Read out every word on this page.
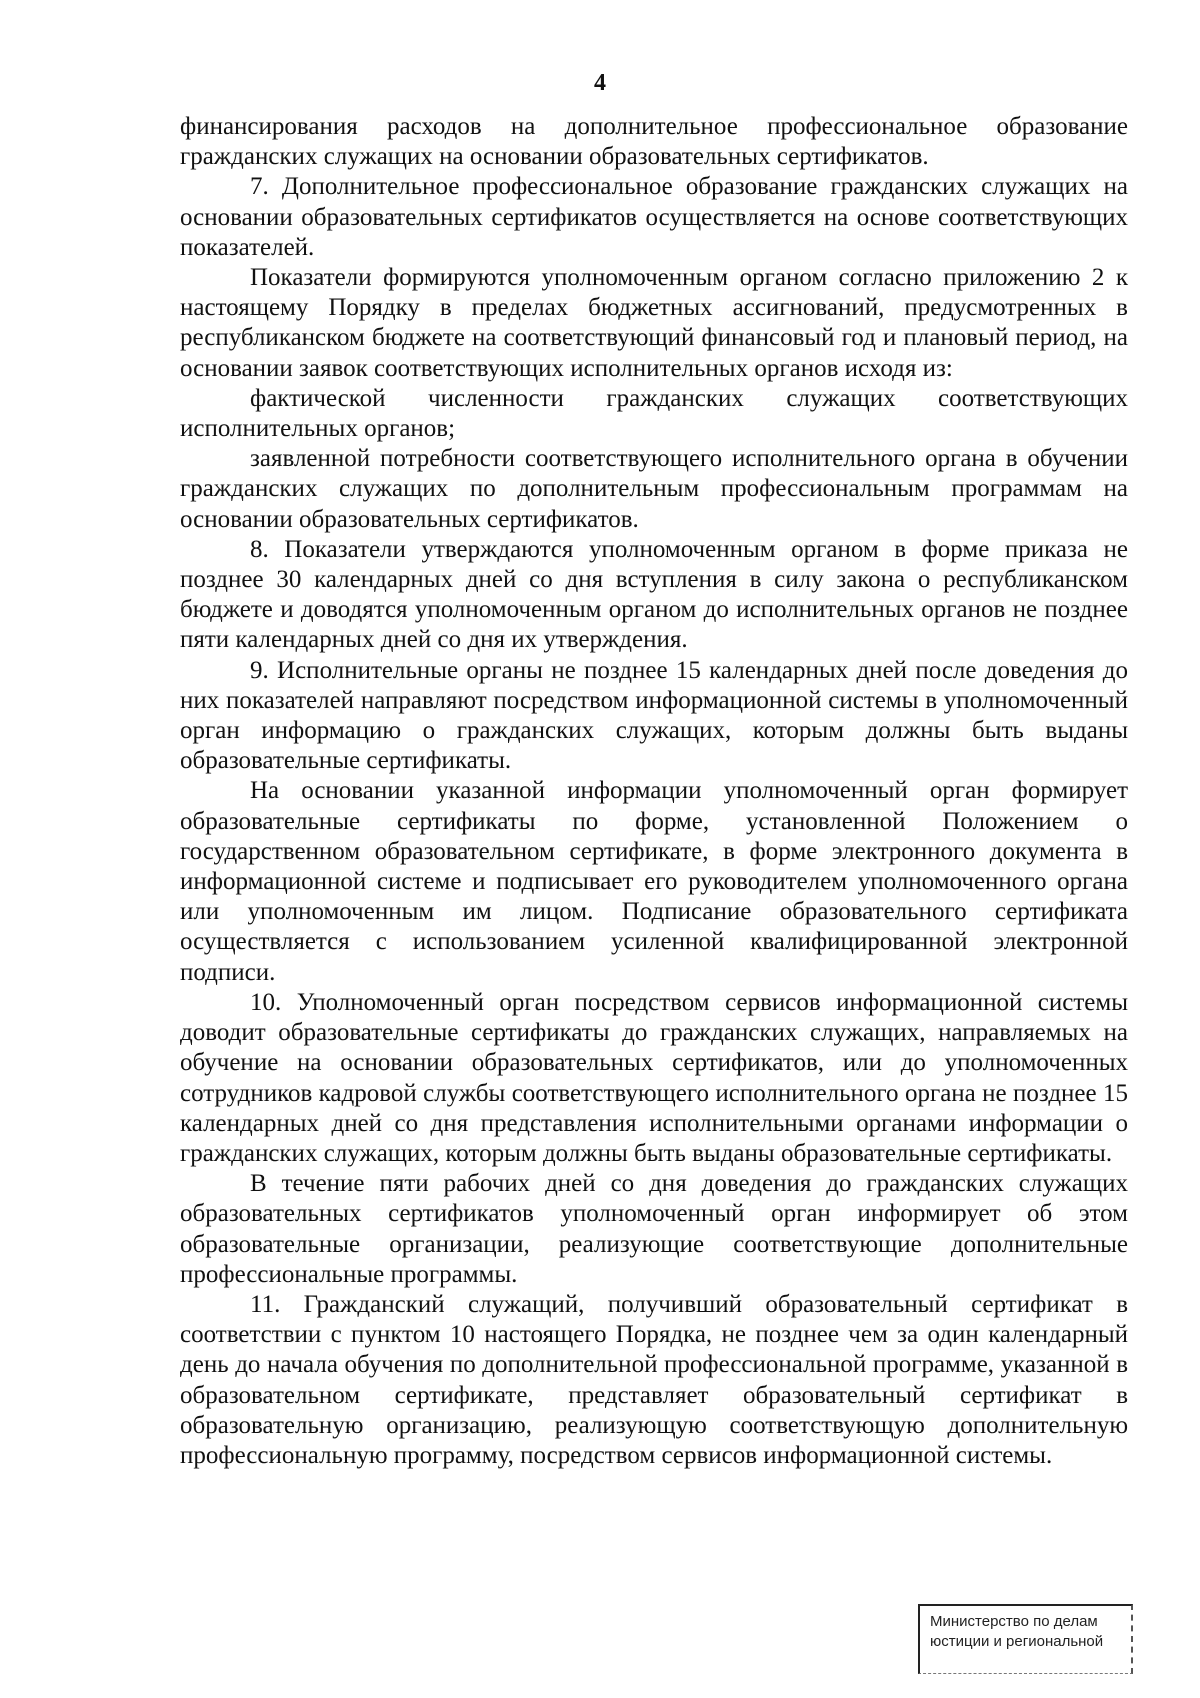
4

финансирования расходов на дополнительное профессиональное образование гражданских служащих на основании образовательных сертификатов.

7. Дополнительное профессиональное образование гражданских служащих на основании образовательных сертификатов осуществляется на основе соответствующих показателей.

Показатели формируются уполномоченным органом согласно приложению 2 к настоящему Порядку в пределах бюджетных ассигнований, предусмотренных в республиканском бюджете на соответствующий финансовый год и плановый период, на основании заявок соответствующих исполнительных органов исходя из:

фактической численности гражданских служащих соответствующих исполнительных органов;

заявленной потребности соответствующего исполнительного органа в обучении гражданских служащих по дополнительным профессиональным программам на основании образовательных сертификатов.

8. Показатели утверждаются уполномоченным органом в форме приказа не позднее 30 календарных дней со дня вступления в силу закона о республиканском бюджете и доводятся уполномоченным органом до исполнительных органов не позднее пяти календарных дней со дня их утверждения.

9. Исполнительные органы не позднее 15 календарных дней после доведения до них показателей направляют посредством информационной системы в уполномоченный орган информацию о гражданских служащих, которым должны быть выданы образовательные сертификаты.

На основании указанной информации уполномоченный орган формирует образовательные сертификаты по форме, установленной Положением о государственном образовательном сертификате, в форме электронного документа в информационной системе и подписывает его руководителем уполномоченного органа или уполномоченным им лицом. Подписание образовательного сертификата осуществляется с использованием усиленной квалифицированной электронной подписи.

10. Уполномоченный орган посредством сервисов информационной системы доводит образовательные сертификаты до гражданских служащих, направляемых на обучение на основании образовательных сертификатов, или до уполномоченных сотрудников кадровой службы соответствующего исполнительного органа не позднее 15 календарных дней со дня представления исполнительными органами информации о гражданских служащих, которым должны быть выданы образовательные сертификаты.

В течение пяти рабочих дней со дня доведения до гражданских служащих образовательных сертификатов уполномоченный орган информирует об этом образовательные организации, реализующие соответствующие дополнительные профессиональные программы.

11. Гражданский служащий, получивший образовательный сертификат в соответствии с пунктом 10 настоящего Порядка, не позднее чем за один календарный день до начала обучения по дополнительной профессиональной программе, указанной в образовательном сертификате, представляет образовательный сертификат в образовательную организацию, реализующую соответствующую дополнительную профессиональную программу, посредством сервисов информационной системы.

Министерство по делам
юстиции и региональной
